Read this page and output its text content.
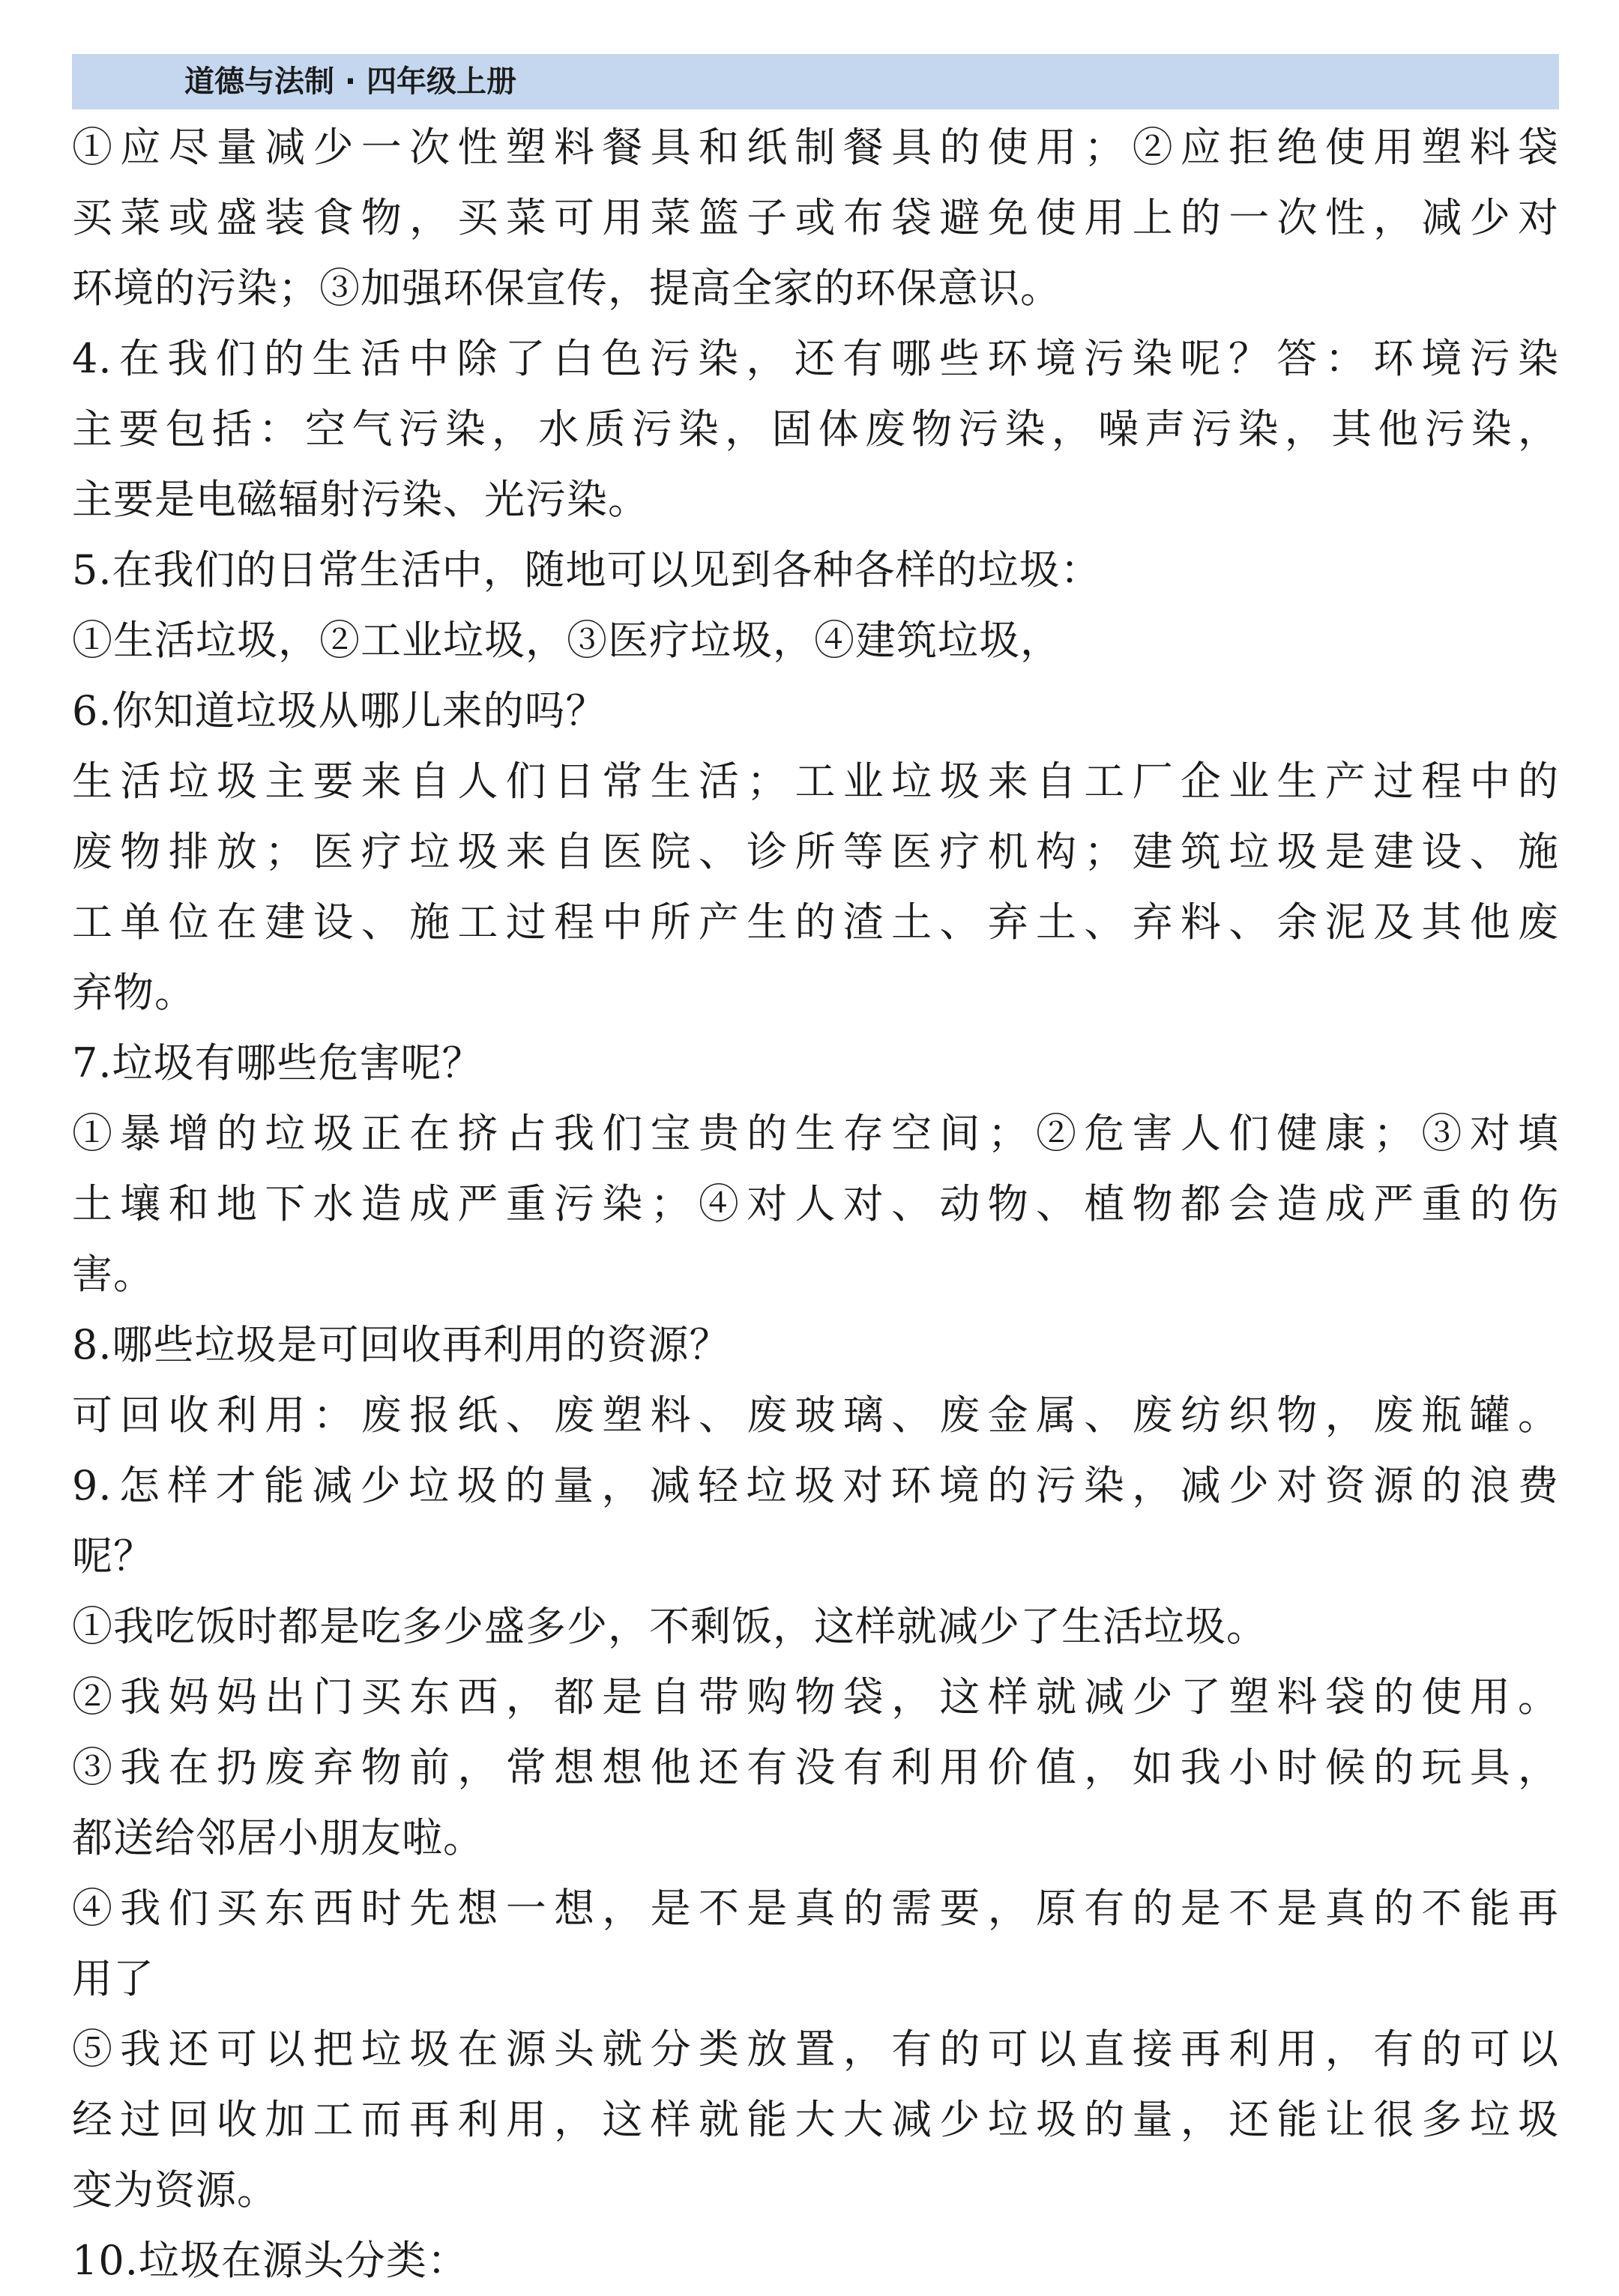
道德与法制 · 四年级上册
①应尽量减少一次性塑料餐具和纸制餐具的使用；②应拒绝使用塑料袋
买菜或盛装食物，买菜可用菜篮子或布袋避免使用上的一次性，减少对
环境的污染；③加强环保宣传，提高全家的环保意识。
4.在我们的生活中除了白色污染，还有哪些环境污染呢？答：环境污染
主要包括：空气污染，水质污染，固体废物污染，噪声污染，其他污染，
主要是电磁辐射污染、光污染。
5.在我们的日常生活中，随地可以见到各种各样的垃圾：
①生活垃圾，②工业垃圾，③医疗垃圾，④建筑垃圾，
6.你知道垃圾从哪儿来的吗？
生活垃圾主要来自人们日常生活；工业垃圾来自工厂企业生产过程中的
废物排放；医疗垃圾来自医院、诊所等医疗机构；建筑垃圾是建设、施
工单位在建设、施工过程中所产生的渣土、弃土、弃料、余泥及其他废
弃物。
7.垃圾有哪些危害呢？
①暴增的垃圾正在挤占我们宝贵的生存空间；②危害人们健康；③对填
土壤和地下水造成严重污染；④对人对、动物、植物都会造成严重的伤
害。
8.哪些垃圾是可回收再利用的资源？
可回收利用：废报纸、废塑料、废玻璃、废金属、废纺织物，废瓶罐。
9.怎样才能减少垃圾的量，减轻垃圾对环境的污染，减少对资源的浪费
呢？
①我吃饭时都是吃多少盛多少，不剩饭，这样就减少了生活垃圾。
②我妈妈出门买东西，都是自带购物袋，这样就减少了塑料袋的使用。
③我在扔废弃物前，常想想他还有没有利用价值，如我小时候的玩具，
都送给邻居小朋友啦。
④我们买东西时先想一想，是不是真的需要，原有的是不是真的不能再
用了
⑤我还可以把垃圾在源头就分类放置，有的可以直接再利用，有的可以
经过回收加工而再利用，这样就能大大减少垃圾的量，还能让很多垃圾
变为资源。
10.垃圾在源头分类：
